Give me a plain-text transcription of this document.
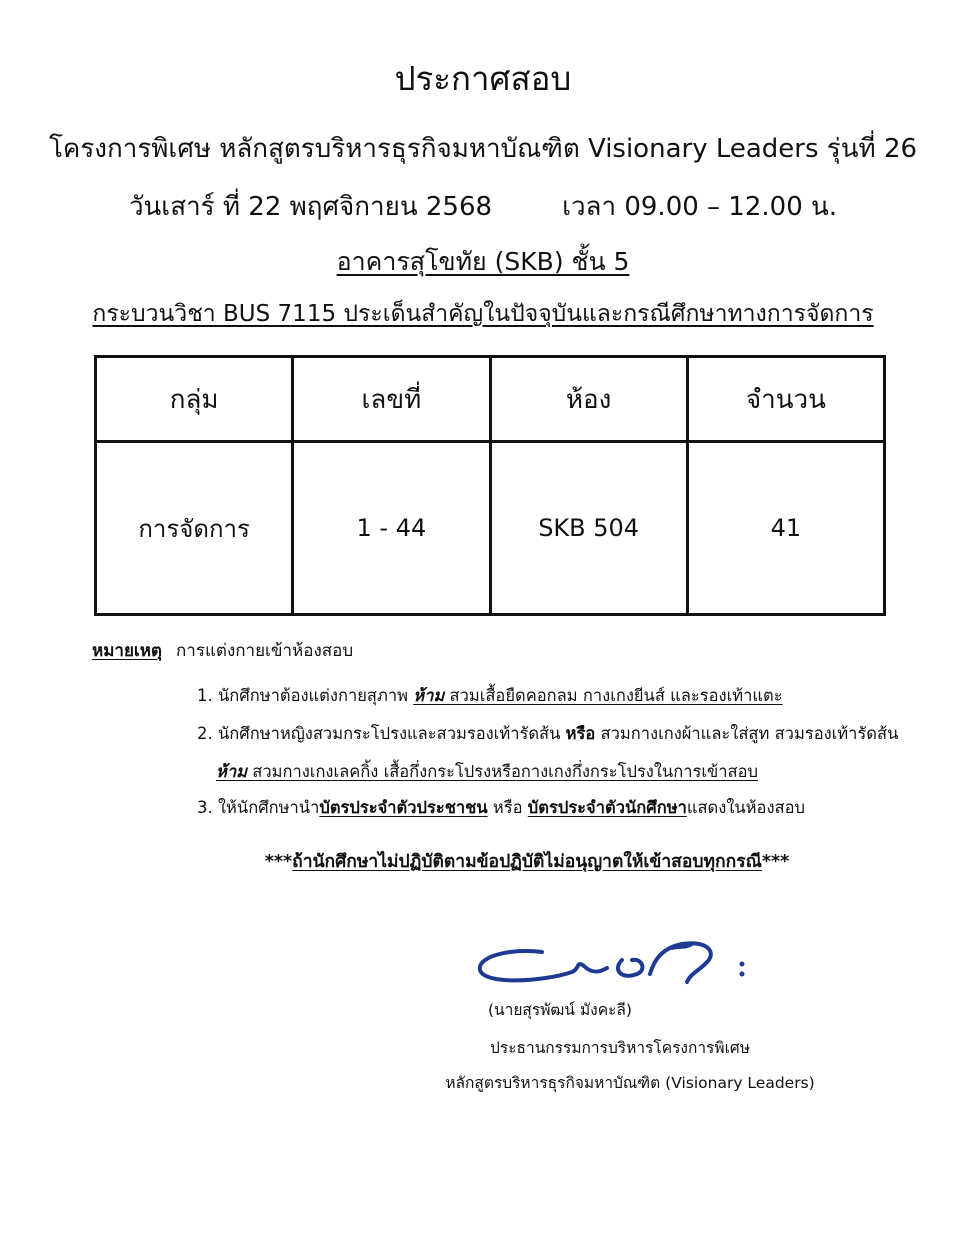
ประกาศสอบ
โครงการพิเศษ หลักสูตรบริหารธุรกิจมหาบัณฑิต Visionary Leaders รุ่นที่ 26
วันเสาร์ ที่ 22 พฤศจิกายน 2568	เวลา 09.00 – 12.00 น.
อาคารสุโขทัย (SKB) ชั้น 5
กระบวนวิชา BUS 7115 ประเด็นสำคัญในปัจจุบันและกรณีศึกษาทางการจัดการ
กลุ่ม	เลขที่	ห้อง	จำนวน
การจัดการ	1 - 44	SKB 504	41
หมายเหตุ การแต่งกายเข้าห้องสอบ
1. นักศึกษาต้องแต่งกายสุภาพ ห้าม สวมเสื้อยืดคอกลม กางเกงยีนส์ และรองเท้าแตะ
2. นักศึกษาหญิงสวมกระโปรงและสวมรองเท้ารัดส้น หรือ สวมกางเกงผ้าและใส่สูท สวมรองเท้ารัดส้น
ห้าม สวมกางเกงเลคกิ้ง เสื้อกึ่งกระโปรงหรือกางเกงกึ่งกระโปรงในการเข้าสอบ
3. ให้นักศึกษานำบัตรประจำตัวประชาชน หรือ บัตรประจำตัวนักศึกษาแสดงในห้องสอบ
***ถ้านักศึกษาไม่ปฏิบัติตามข้อปฏิบัติไม่อนุญาตให้เข้าสอบทุกกรณี***
(นายสุรพัฒน์ มังคะลี)
ประธานกรรมการบริหารโครงการพิเศษ
หลักสูตรบริหารธุรกิจมหาบัณฑิต (Visionary Leaders)
